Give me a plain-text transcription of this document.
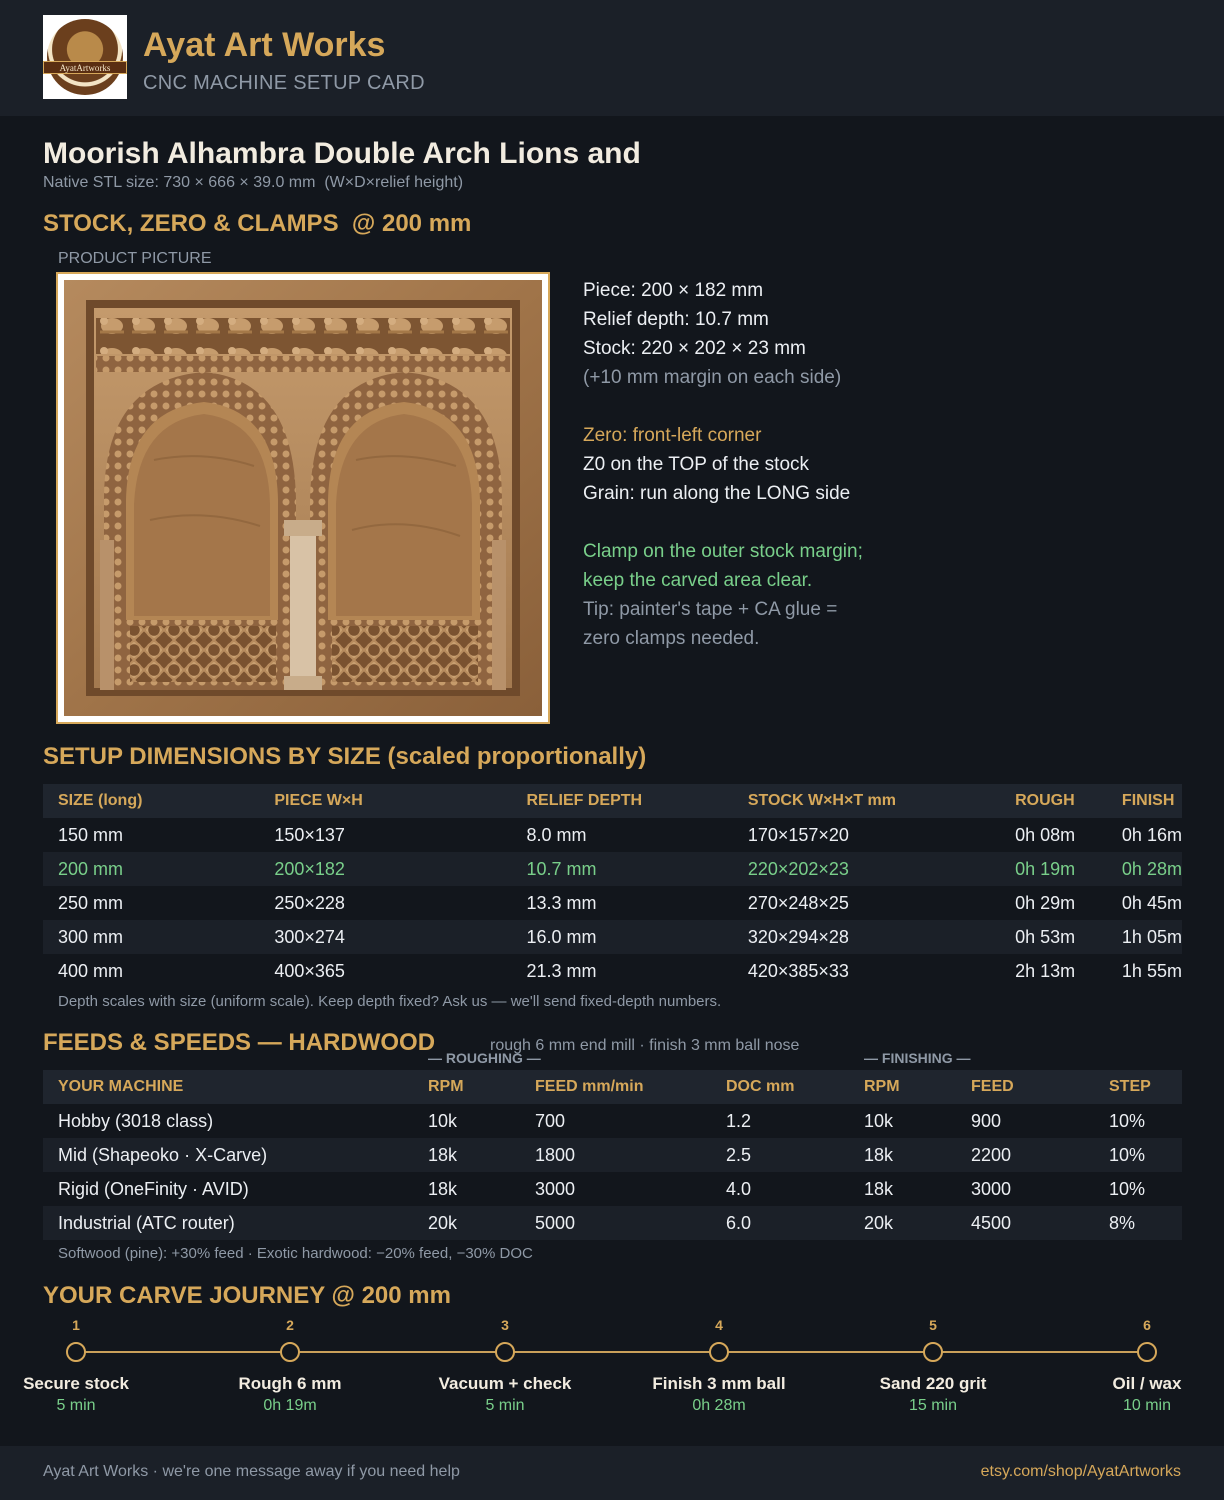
AyatArtworks
Ayat Art Works
CNC MACHINE SETUP CARD
Moorish Alhambra Double Arch Lions and
Native STL size: 730 × 666 × 39.0 mm  (W×D×relief height)
STOCK, ZERO & CLAMPS  @ 200 mm
PRODUCT PICTURE
Piece: 200 × 182 mm
Relief depth: 10.7 mm
Stock: 220 × 202 × 23 mm
(+10 mm margin on each side)
Zero: front-left corner
Z0 on the TOP of the stock
Grain: run along the LONG side
Clamp on the outer stock margin;
keep the carved area clear.
Tip: painter's tape + CA glue =
zero clamps needed.
SETUP DIMENSIONS BY SIZE (scaled proportionally)
SIZE (long)	PIECE W×H	RELIEF DEPTH	STOCK W×H×T mm	ROUGH	FINISH
150 mm	150×137	8.0 mm	170×157×20	0h 08m	0h 16m
200 mm	200×182	10.7 mm	220×202×23	0h 19m	0h 28m
250 mm	250×228	13.3 mm	270×248×25	0h 29m	0h 45m
300 mm	300×274	16.0 mm	320×294×28	0h 53m	1h 05m
400 mm	400×365	21.3 mm	420×385×33	2h 13m	1h 55m
Depth scales with size (uniform scale). Keep depth fixed? Ask us — we'll send fixed-depth numbers.
FEEDS & SPEEDS — HARDWOOD	rough 6 mm end mill · finish 3 mm ball nose
— ROUGHING —	— FINISHING —
YOUR MACHINE	RPM	FEED mm/min	DOC mm	RPM	FEED	STEP
Hobby (3018 class)	10k	700	1.2	10k	900	10%
Mid (Shapeoko · X-Carve)	18k	1800	2.5	18k	2200	10%
Rigid (OneFinity · AVID)	18k	3000	4.0	18k	3000	10%
Industrial (ATC router)	20k	5000	6.0	20k	4500	8%
Softwood (pine): +30% feed · Exotic hardwood: −20% feed, −30% DOC
YOUR CARVE JOURNEY @ 200 mm
1
Secure stock
5 min
2
Rough 6 mm
0h 19m
3
Vacuum + check
5 min
4
Finish 3 mm ball
0h 28m
5
Sand 220 grit
15 min
6
Oil / wax
10 min
Ayat Art Works · we're one message away if you need help	etsy.com/shop/AyatArtworks
